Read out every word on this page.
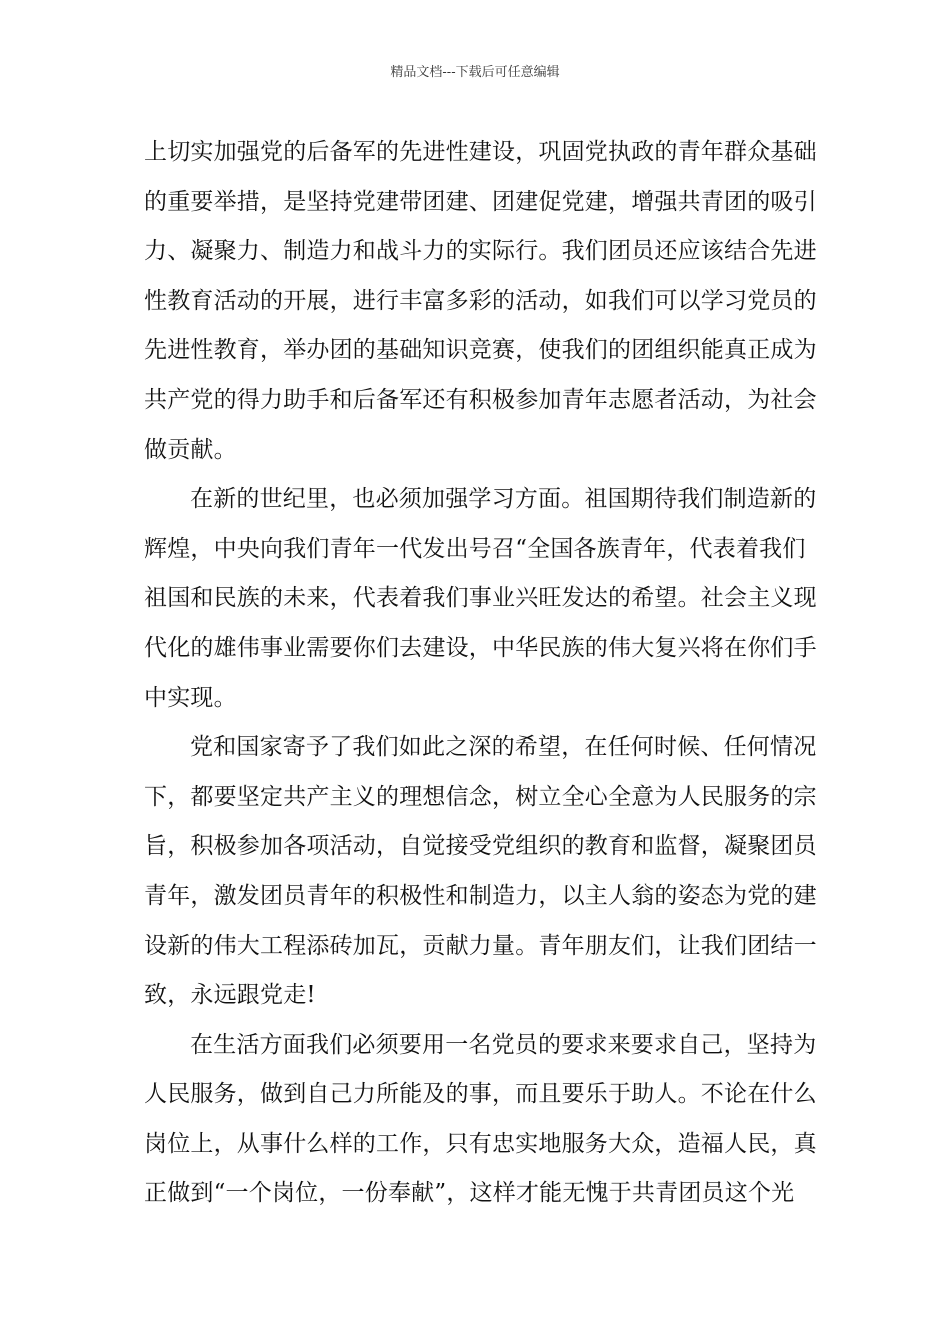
精品文档---下载后可任意编辑
上切实加强党的后备军的先进性建设，巩固党执政的青年群众基础
的重要举措，是坚持党建带团建、团建促党建，增强共青团的吸引
力、凝聚力、制造力和战斗力的实际行。我们团员还应该结合先进
性教育活动的开展，进行丰富多彩的活动，如我们可以学习党员的
先进性教育，举办团的基础知识竞赛，使我们的团组织能真正成为
共产党的得力助手和后备军还有积极参加青年志愿者活动，为社会
做贡献。
在新的世纪里，也必须加强学习方面。祖国期待我们制造新的
辉煌，中央向我们青年一代发出号召“全国各族青年，代表着我们
祖国和民族的未来，代表着我们事业兴旺发达的希望。社会主义现
代化的雄伟事业需要你们去建设，中华民族的伟大复兴将在你们手
中实现。
党和国家寄予了我们如此之深的希望，在任何时候、任何情况
下，都要坚定共产主义的理想信念，树立全心全意为人民服务的宗
旨，积极参加各项活动，自觉接受党组织的教育和监督，凝聚团员
青年，激发团员青年的积极性和制造力，以主人翁的姿态为党的建
设新的伟大工程添砖加瓦，贡献力量。青年朋友们，让我们团结一
致，永远跟党走!
在生活方面我们必须要用一名党员的要求来要求自己，坚持为
人民服务，做到自己力所能及的事，而且要乐于助人。不论在什么
岗位上，从事什么样的工作，只有忠实地服务大众，造福人民，真
正做到“一个岗位，一份奉献”，这样才能无愧于共青团员这个光
